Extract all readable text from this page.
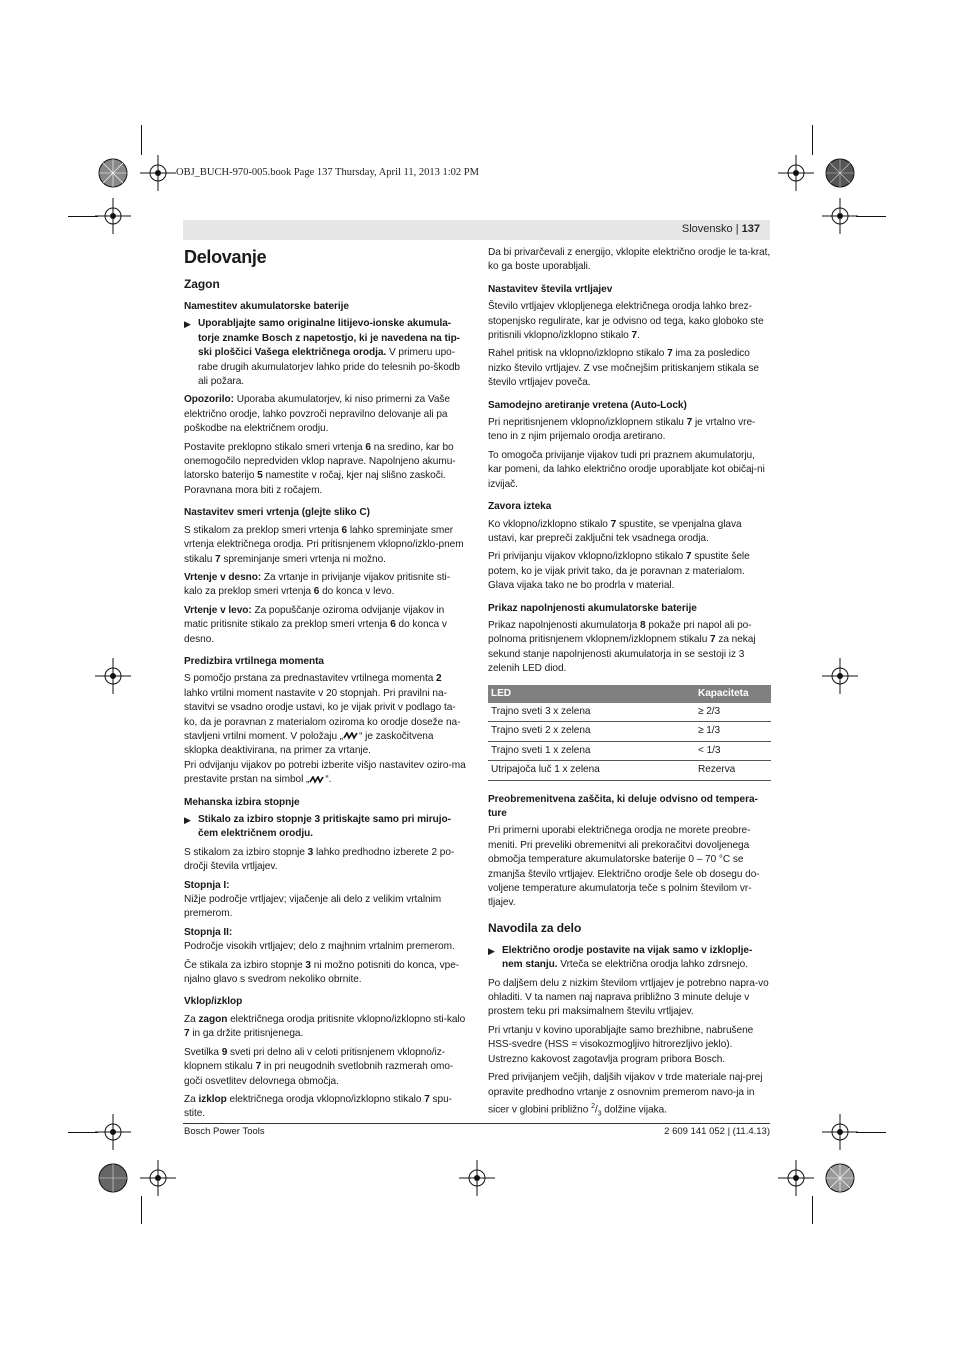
OBJ_BUCH-970-005.book Page 137 Thursday, April 11, 2013 1:02 PM
Slovensko | 137
Delovanje
Zagon
Namestitev akumulatorske baterije

▶ Uporabljajte samo originalne litijevo-ionske akumula-torje znamke Bosch z napetostjo, ki je navedena na tip-ski ploščici Vašega električnega orodja. V primeru upo-rabe drugih akumulatorjev lahko pride do telesnih po-škodb ali požara.

Opozorilo: Uporaba akumulatorjev, ki niso primerni za Vaše električno orodje, lahko povzroči nepravilno delovanje ali pa poškodbe na električnem orodju.

Postavite preklopno stikalo smeri vrtenja 6 na sredino, kar bo onemogočilo nepredviden vklop naprave. Napolnjeno akumu-latorsko baterijo 5 namestite v ročaj, kjer naj slišno zaskoči. Poravnana mora biti z ročajem.

Nastavitev smeri vrtenja (glejte sliko C)

S stikalom za preklop smeri vrtenja 6 lahko spreminjate smer vrtenja električnega orodja. Pri pritisnjenem vklopno/izklo-pnem stikalu 7 spreminjanje smeri vrtenja ni možno.

Vrtenje v desno: Za vrtanje in privijanje vijakov pritisnite sti-kalo za preklop smeri vrtenja 6 do konca v levo.

Vrtenje v levo: Za popuščanje oziroma odvijanje vijakov in matic pritisnite stikalo za preklop smeri vrtenja 6 do konca v desno.

Predizbira vrtilnega momenta

S pomočjo prstana za prednastavitev vrtilnega momenta 2 lahko vrtilni moment nastavite v 20 stopnjah. Pri pravilni na-stavitvi se vsadno orodje ustavi, ko je vijak privit v podlago ta-ko, da je poravnan z materialom oziroma ko orodje doseže na-stavljeni vrtilni moment. V položaju „ “ je zaskočitvena sklopka deaktivirana, na primer za vrtanje.

Pri odvijanju vijakov po potrebi izberite višjo nastavitev oziro-ma prestavite prstan na simbol „ “.

Mehanska izbira stopnje

▶ Stikalo za izbiro stopnje 3 pritiskajte samo pri mirujo-čem električnem orodju.

S stikalom za izbiro stopnje 3 lahko predhodno izberete 2 po-dročji števila vrtljajev.

Stopnja I:

Nižje področje vrtljajev; vijačenje ali delo z velikim vrtalnim premerom.

Stopnja II:

Področje visokih vrtljajev; delo z majhnim vrtalnim premerom.

Če stikala za izbiro stopnje 3 ni možno potisniti do konca, vpe-njalno glavo s svedrom nekoliko obrnite.

Vklop/izklop

Za zagon električnega orodja pritisnite vklopno/izklopno sti-kalo 7 in ga držite pritisnjenega.

Svetilka 9 sveti pri delno ali v celoti pritisnjenem vklopno/iz-klopnem stikalu 7 in pri neugodnih svetlobnih razmerah omo-goči osvetlitev delovnega območja.

Za izklop električnega orodja vklopno/izklopno stikalo 7 spu-stite.

Da bi privarčevali z energijo, vklopite električno orodje le ta-krat, ko ga boste uporabljali.

Nastavitev števila vrtljajev

Število vrtljajev vklopljenega električnega orodja lahko brez-stopenjsko regulirate, kar je odvisno od tega, kako globoko ste pritisnili vklopno/izklopno stikalo 7.

Rahel pritisk na vklopno/izklopno stikalo 7 ima za posledico nizko število vrtljajev. Z vse močnejšim pritiskanjem stikala se število vrtljajev poveča.

Samodejno aretiranje vretena (Auto-Lock)

Pri nepritisnjenem vklopno/izklopnem stikalu 7 je vrtalno vre-teno in z njim prijemalo orodja aretirano.

To omogoča privijanje vijakov tudi pri praznem akumulatorju, kar pomeni, da lahko električno orodje uporabljate kot običaj-ni izvijač.

Zavora izteka

Ko vklopno/izklopno stikalo 7 spustite, se vpenjalna glava ustavi, kar prepreči zaključni tek vsadnega orodja.

Pri privijanju vijakov vklopno/izklopno stikalo 7 spustite šele potem, ko je vijak privit tako, da je poravnan z materialom. Glava vijaka tako ne bo prodrla v material.

Prikaz napolnjenosti akumulatorske baterije

Prikaz napolnjenosti akumulatorja 8 pokaže pri napol ali po-polnoma pritisnjenem vklopnem/izklopnem stikalu 7 za nekaj sekund stanje napolnjenosti akumulatorja in se sestoji iz 3 zelenih LED diod.

LED	Kapaciteta
Trajno sveti 3 x zelena	≥ 2/3
Trajno sveti 2 x zelena	≥ 1/3
Trajno sveti 1 x zelena	< 1/3
Utripajoča luč 1 x zelena	Rezerva
Preobremenitvena zaščita, ki deluje odvisno od tempera-ture

Pri primerni uporabi električnega orodja ne morete preobre-meniti. Pri preveliki obremenitvi ali prekoračitvi dovoljenega območja temperature akumulatorske baterije 0 – 70 °C se zmanjša število vrtljajev. Električno orodje šele ob dosegu do-voljene temperature akumulatorja teče s polnim številom vr-tljajev.

Navodila za delo

▶ Električno orodje postavite na vijak samo v izkloplje-nem stanju. Vrteča se električna orodja lahko zdrsnejo.

Po daljšem delu z nizkim številom vrtljajev je potrebno napra-vo ohladiti. V ta namen naj naprava približno 3 minute deluje v prostem teku pri maksimalnem številu vrtljajev.

Pri vrtanju v kovino uporabljajte samo brezhibne, nabrušene HSS-svedre (HSS = visokozmogljivo hitrorezljivo jeklo). Ustrezno kakovost zagotavlja program pribora Bosch.

Pred privijanjem večjih, daljših vijakov v trde materiale naj-prej opravite predhodno vrtanje z osnovnim premerom navo-ja in sicer v globini približno $^2/_3$ dolžine vijaka.

Bosch Power Tools	2 609 141 052 | (11.4.13)
